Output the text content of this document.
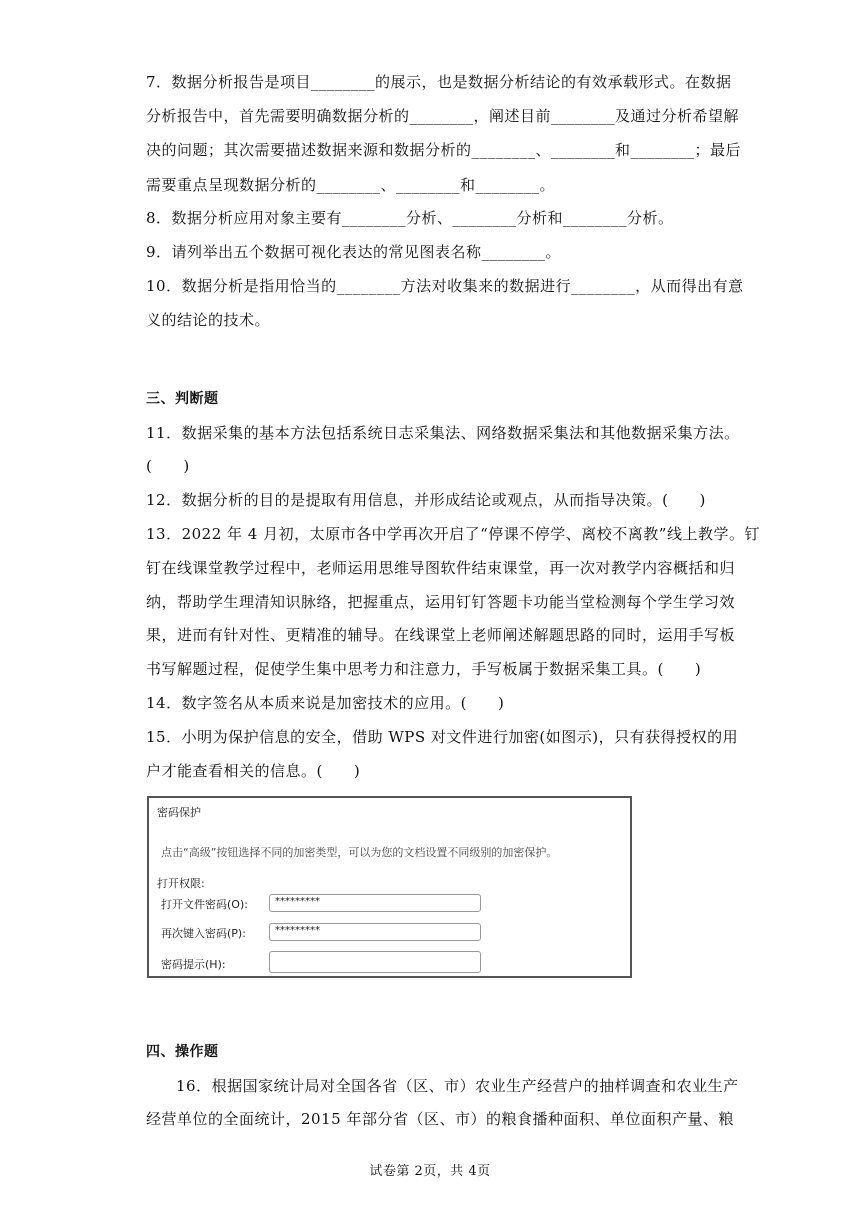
7．数据分析报告是项目________的展示，也是数据分析结论的有效承载形式。在数据
分析报告中，首先需要明确数据分析的________，阐述目前________及通过分析希望解
决的问题；其次需要描述数据来源和数据分析的________、________和________；最后
需要重点呈现数据分析的________、________和________。
8．数据分析应用对象主要有________分析、________分析和________分析。
9．请列举出五个数据可视化表达的常见图表名称________。
10．数据分析是指用恰当的________方法对收集来的数据进行________，从而得出有意
义的结论的技术。
三、判断题
11．数据采集的基本方法包括系统日志采集法、网络数据采集法和其他数据采集方法。
(　　)
12．数据分析的目的是提取有用信息，并形成结论或观点，从而指导决策。(　　)
13．2022 年 4 月初，太原市各中学再次开启了“停课不停学、离校不离教”线上教学。钉
钉在线课堂教学过程中，老师运用思维导图软件结束课堂，再一次对教学内容概括和归
纳，帮助学生理清知识脉络，把握重点，运用钉钉答题卡功能当堂检测每个学生学习效
果，进而有针对性、更精准的辅导。在线课堂上老师阐述解题思路的同时，运用手写板
书写解题过程，促使学生集中思考力和注意力，手写板属于数据采集工具。(　　)
14．数字签名从本质来说是加密技术的应用。(　　)
15．小明为保护信息的安全，借助 WPS 对文件进行加密(如图示)，只有获得授权的用
户才能查看相关的信息。(　　)
密码保护
点击“高级”按钮选择不同的加密类型，可以为您的文档设置不同级别的加密保护。
打开权限:
打开文件密码(O):	*********
再次键入密码(P):	*********
密码提示(H):
四、操作题
16．根据国家统计局对全国各省（区、市）农业生产经营户的抽样调查和农业生产
经营单位的全面统计，2015 年部分省（区、市）的粮食播种面积、单位面积产量、粮
试卷第 2页，共 4页
